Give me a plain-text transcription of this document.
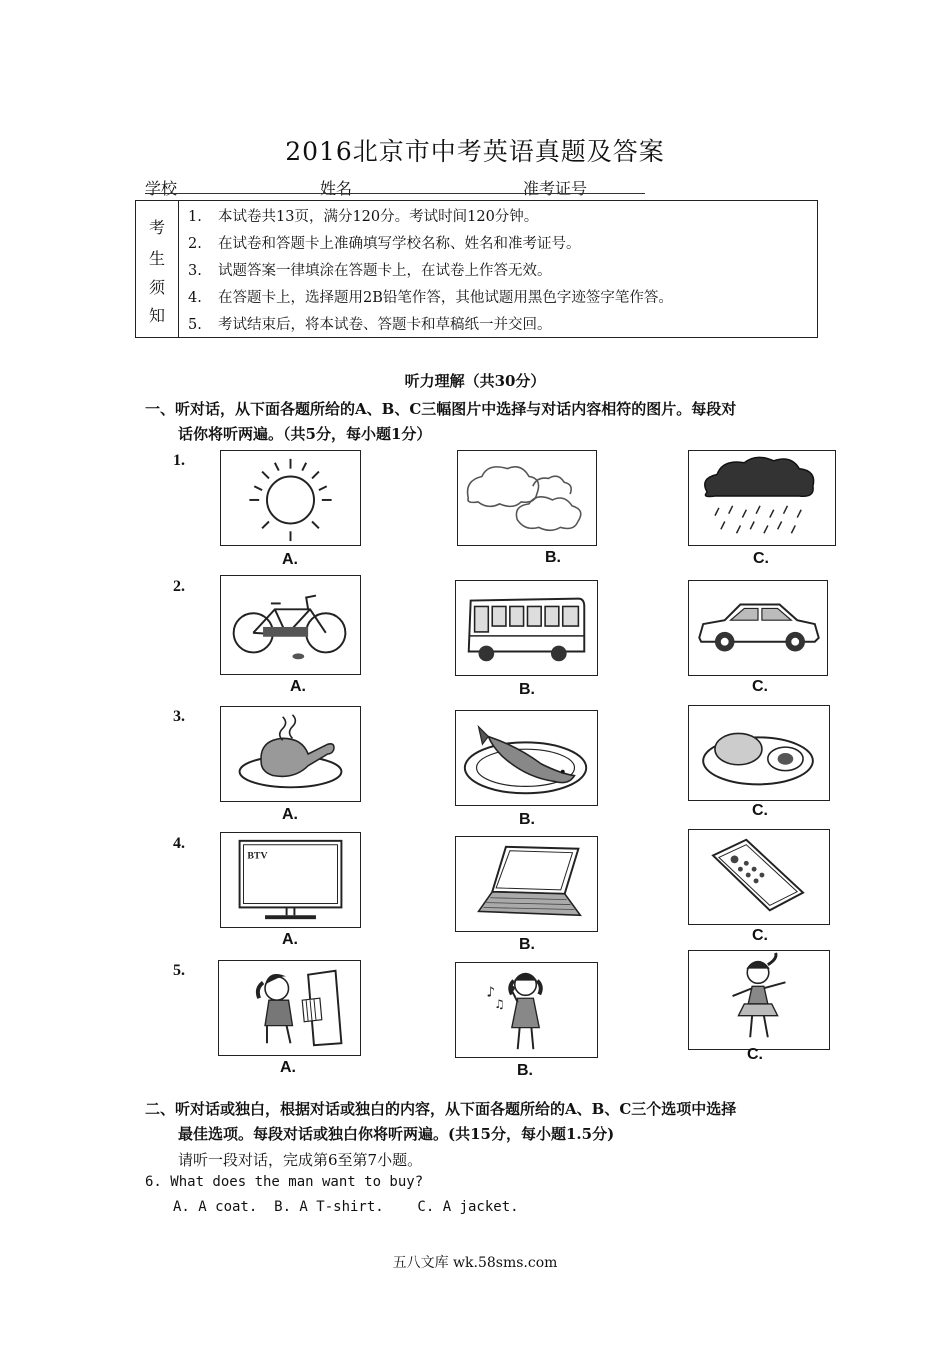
2016北京市中考英语真题及答案
学校	姓名	准考证号
考
生
须
知
1. 本试卷共13页，满分120分。考试时间120分钟。
2. 在试卷和答题卡上准确填写学校名称、姓名和准考证号。
3. 试题答案一律填涂在答题卡上，在试卷上作答无效。
4. 在答题卡上，选择题用2B铅笔作答，其他试题用黑色字迹签字笔作答。
5. 考试结束后，将本试卷、答题卡和草稿纸一并交回。
听力理解（共30分）
一、听对话，从下面各题所给的A、B、C三幅图片中选择与对话内容相符的图片。每段对
话你将听两遍。（共5分，每小题1分）
1.
A.	B.	C.
2.
A.	B.	C.
3.
A.	B.
C.
4.
BTV
A.	B.
C.
5.
A.
♪
♫
B.
C.
二、听对话或独白，根据对话或独白的内容，从下面各题所给的A、B、C三个选项中选择
最佳选项。每段对话或独白你将听两遍。(共15分，每小题1.5分)
请听一段对话，完成第6至第7小题。
6. What does the man want to buy?
A. A coat.  B. A T-shirt.    C. A jacket.
五八文库 wk.58sms.com
